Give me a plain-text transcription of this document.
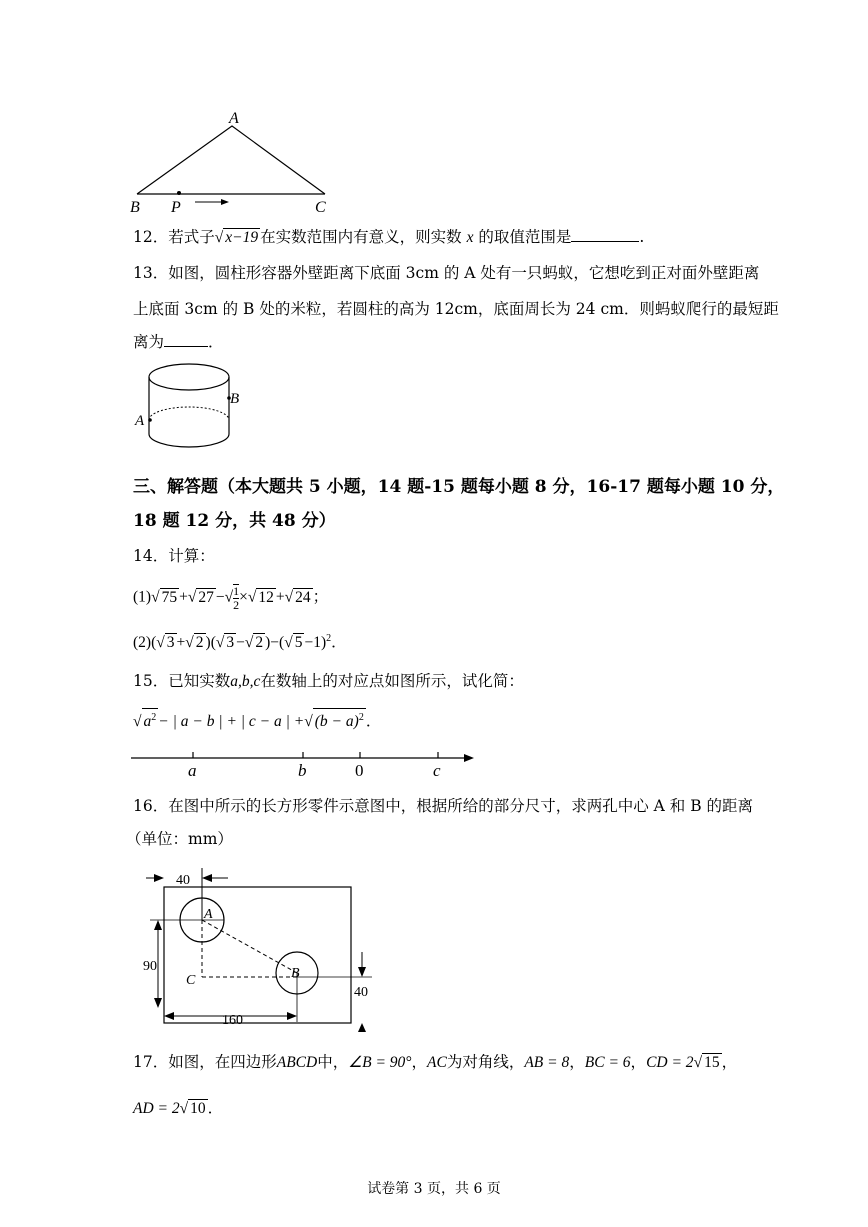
A
B P	C
12．若式子√ x−19 在实数范围内有意义，则实数 x 的取值范围是	.
13．如图，圆柱形容器外壁距离下底面 3cm 的 A 处有一只蚂蚁，它想吃到正对面外壁距离
上底面 3cm 的 B 处的米粒，若圆柱的高为 12cm，底面周长为 24 cm．则蚂蚁爬行的最短距
离为	．
B
A
三、解答题（本大题共 5 小题，14 题-15 题每小题 8 分，16-17 题每小题 10 分，
18 题 12 分，共 48 分）
14．计算：
(1)√ 75 +√ 27 −√ $\frac{1}{2}$ ×√ 12 +√ 24 ；
(2)(√ 3 +√ 2 )(√ 3 −√ 2 )−(√ 5 −1)$^2$．
15．已知实数a,b,c在数轴上的对应点如图所示，试化简：
√ $a^2$ − | a − b | + | c − a | +√ $(b - a)^2$ ．
a	b	0	c
16．在图中所示的长方形零件示意图中，根据所给的部分尺寸，求两孔中心 A 和 B 的距离
（单位：mm）
40
90
40
160
A
B
C
17．如图，在四边形ABCD中，∠B = 90°，AC为对角线，AB = 8，BC = 6，CD = 2√ 15 ，
AD = 2√ 10 ．
试卷第 3 页，共 6 页
